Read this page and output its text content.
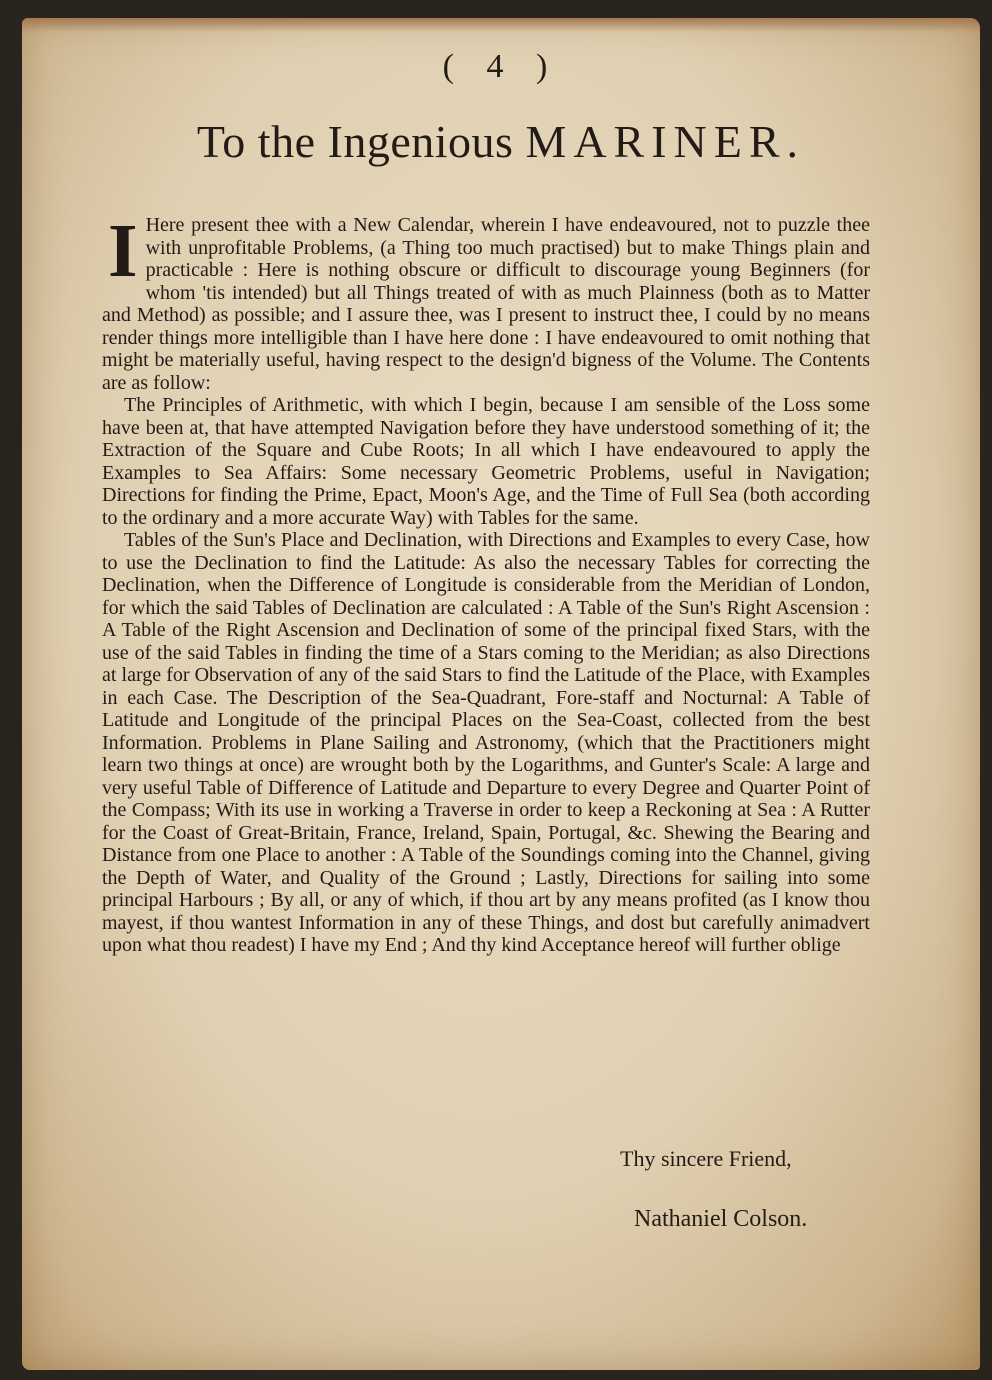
( 4 )
To the Ingenious MARINER.

I Here present thee with a New Calendar, wherein I have endeavoured, not to puzzle thee with unprofitable Problems, (a Thing too much practised) but to make Things plain and practicable : Here is nothing obscure or difficult to discourage young Beginners (for whom 'tis intended) but all Things treated of with as much Plainness (both as to Matter and Method) as possible; and I assure thee, was I present to instruct thee, I could by no means render things more intelligible than I have here done : I have endeavoured to omit nothing that might be materially useful, having respect to the design'd bigness of the Volume. The Contents are as follow:

The Principles of Arithmetic, with which I begin, because I am sensible of the Loss some have been at, that have attempted Navigation before they have understood something of it; the Extraction of the Square and Cube Roots; In all which I have endeavoured to apply the Examples to Sea Affairs: Some necessary Geometric Problems, useful in Navigation; Directions for finding the Prime, Epact, Moon's Age, and the Time of Full Sea (both according to the ordinary and a more accurate Way) with Tables for the same.

Tables of the Sun's Place and Declination, with Directions and Examples to every Case, how to use the Declination to find the Latitude: As also the necessary Tables for correcting the Declination, when the Difference of Longitude is considerable from the Meridian of London, for which the said Tables of Declination are calculated : A Table of the Sun's Right Ascension : A Table of the Right Ascension and Declination of some of the principal fixed Stars, with the use of the said Tables in finding the time of a Stars coming to the Meridian; as also Directions at large for Observation of any of the said Stars to find the Latitude of the Place, with Examples in each Case. The Description of the Sea-Quadrant, Fore-staff and Nocturnal: A Table of Latitude and Longitude of the principal Places on the Sea-Coast, collected from the best Information. Problems in Plane Sailing and Astronomy, (which that the Practitioners might learn two things at once) are wrought both by the Logarithms, and Gunter's Scale: A large and very useful Table of Difference of Latitude and Departure to every Degree and Quarter Point of the Compass; With its use in working a Traverse in order to keep a Reckoning at Sea : A Rutter for the Coast of Great-Britain, France, Ireland, Spain, Portugal, &c. Shewing the Bearing and Distance from one Place to another : A Table of the Soundings coming into the Channel, giving the Depth of Water, and Quality of the Ground ; Lastly, Directions for sailing into some principal Harbours ; By all, or any of which, if thou art by any means profited (as I know thou mayest, if thou wantest Information in any of these Things, and dost but carefully animadvert upon what thou readest) I have my End ; And thy kind Acceptance hereof will further oblige

Thy sincere Friend,
Nathaniel Colson.
